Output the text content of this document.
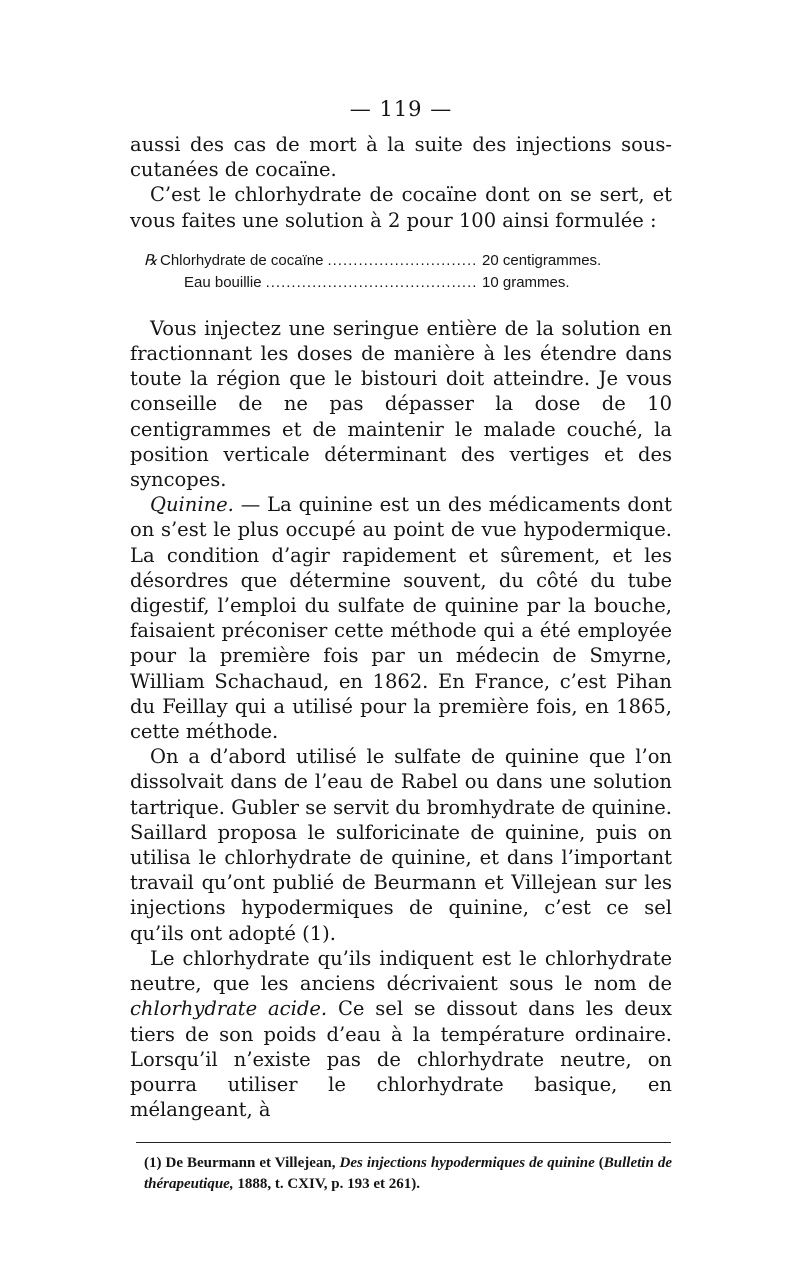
— 119 —

aussi des cas de mort à la suite des injections sous-cutanées de cocaïne.

C’est le chlorhydrate de cocaïne dont on se sert, et vous faites une solution à 2 pour 100 ainsi formulée :

℞ Chlorhydrate de cocaïne .....	20 centigrammes.
Eau bouillie .....	10 grammes.

Vous injectez une seringue entière de la solution en fractionnant les doses de manière à les étendre dans toute la région que le bistouri doit atteindre. Je vous conseille de ne pas dépasser la dose de 10 centigrammes et de maintenir le malade couché, la position verticale déterminant des vertiges et des syncopes.

Quinine. — La quinine est un des médicaments dont on s’est le plus occupé au point de vue hypodermique. La condition d’agir rapidement et sûrement, et les désordres que détermine souvent, du côté du tube digestif, l’emploi du sulfate de quinine par la bouche, faisaient préconiser cette méthode qui a été employée pour la première fois par un médecin de Smyrne, William Schachaud, en 1862. En France, c’est Pihan du Feillay qui a utilisé pour la première fois, en 1865, cette méthode.

On a d’abord utilisé le sulfate de quinine que l’on dissolvait dans de l’eau de Rabel ou dans une solution tartrique. Gubler se servit du bromhydrate de quinine. Saillard proposa le sulforicinate de quinine, puis on utilisa le chlorhydrate de quinine, et dans l’important travail qu’ont publié de Beurmann et Villejean sur les injections hypodermiques de quinine, c’est ce sel qu’ils ont adopté (1).

Le chlorhydrate qu’ils indiquent est le chlorhydrate neutre, que les anciens décrivaient sous le nom de chlorhydrate acide. Ce sel se dissout dans les deux tiers de son poids d’eau à la température ordinaire. Lorsqu’il n’existe pas de chlorhydrate neutre, on pourra utiliser le chlorhydrate basique, en mélangeant, à

(1) De Beurmann et Villejean, Des injections hypodermiques de quinine (Bulletin de thérapeutique, 1888, t. CXIV, p. 193 et 261).
